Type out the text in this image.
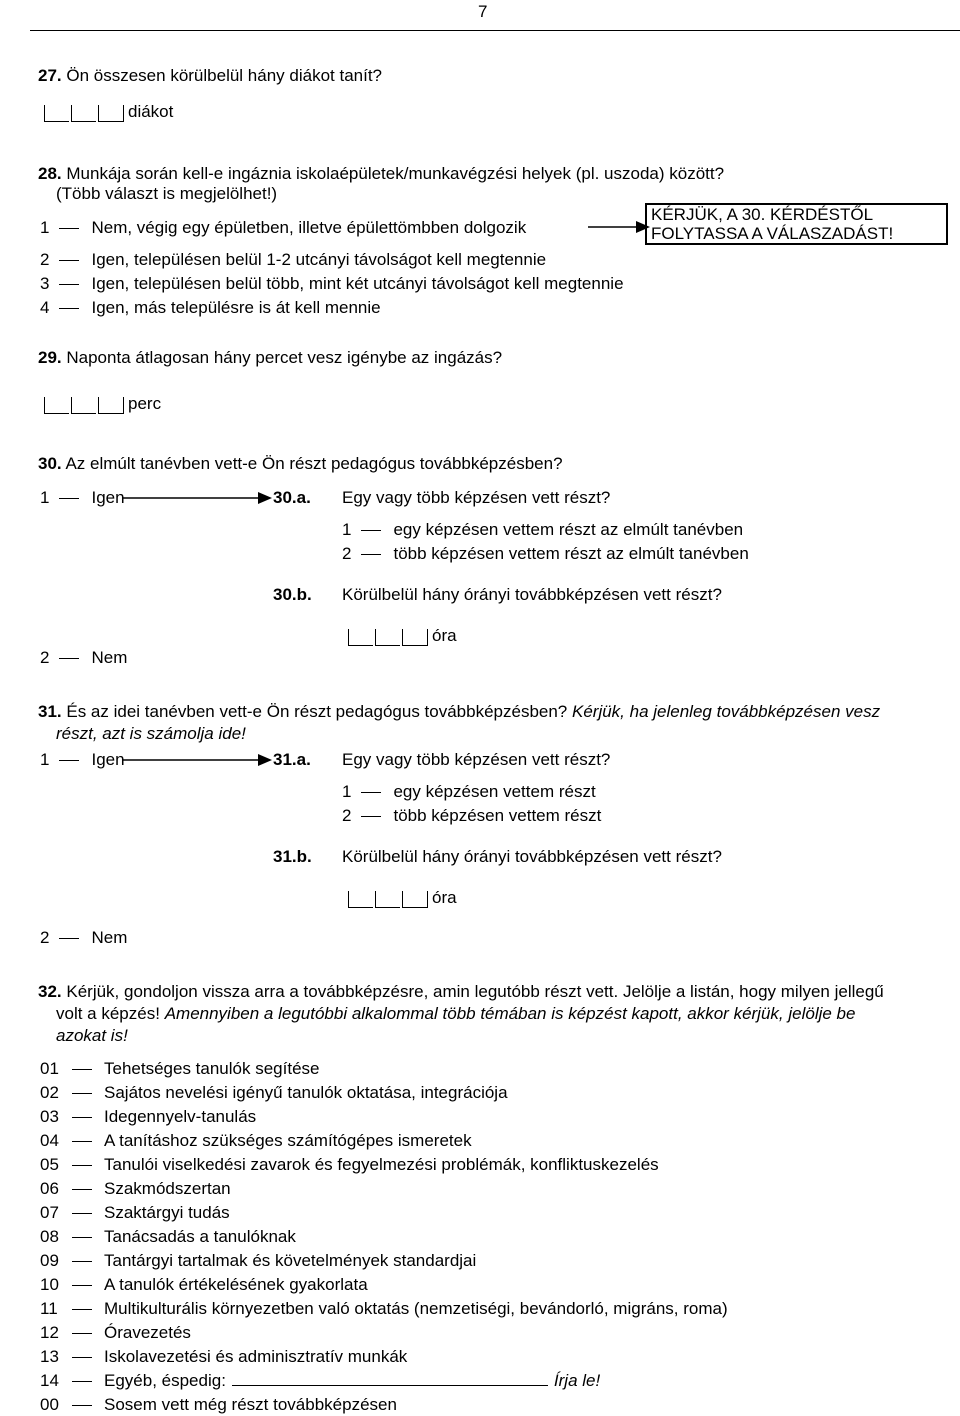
7
27. Ön összesen körülbelül hány diákot tanít?
diákot
28. Munkája során kell-e ingáznia iskolaépületek/munkavégzési helyek (pl. uszoda) között?
(Több választ is megjelölhet!)
1 Nem, végig egy épületben, illetve épülettömbben dolgozik
2 Igen, településen belül 1-2 utcányi távolságot kell megtennie
3 Igen, településen belül több, mint két utcányi távolságot kell megtennie
4 Igen, más településre is át kell mennie
KÉRJÜK, A 30. KÉRDÉSTŐL
FOLYTASSA A VÁLASZADÁST!
29. Naponta átlagosan hány percet vesz igénybe az ingázás?
perc
30. Az elmúlt tanévben vett-e Ön részt pedagógus továbbképzésben?
1 Igen	30.a. Egy vagy több képzésen vett részt?
1 egy képzésen vettem részt az elmúlt tanévben
2 több képzésen vettem részt az elmúlt tanévben
30.b. Körülbelül hány órányi továbbképzésen vett részt?
óra
2 Nem
31. És az idei tanévben vett-e Ön részt pedagógus továbbképzésben? Kérjük, ha jelenleg továbbképzésen vesz
részt, azt is számolja ide!
1 Igen	31.a. Egy vagy több képzésen vett részt?
1 egy képzésen vettem részt
2 több képzésen vettem részt
31.b. Körülbelül hány órányi továbbképzésen vett részt?
óra
2 Nem
32. Kérjük, gondoljon vissza arra a továbbképzésre, amin legutóbb részt vett. Jelölje a listán, hogy milyen jellegű
volt a képzés! Amennyiben a legutóbbi alkalommal több témában is képzést kapott, akkor kérjük, jelölje be
azokat is!
01	Tehetséges tanulók segítése
02	Sajátos nevelési igényű tanulók oktatása, integrációja
03	Idegennyelv-tanulás
04	A tanításhoz szükséges számítógépes ismeretek
05	Tanulói viselkedési zavarok és fegyelmezési problémák, konfliktuskezelés
06	Szakmódszertan
07	Szaktárgyi tudás
08	Tanácsadás a tanulóknak
09	Tantárgyi tartalmak és követelmények standardjai
10	A tanulók értékelésének gyakorlata
11	Multikulturális környezetben való oktatás (nemzetiségi, bevándorló, migráns, roma)
12	Óravezetés
13	Iskolavezetési és adminisztratív munkák
14	Egyéb, éspedig:	Írja le!
00	Sosem vett még részt továbbképzésen
